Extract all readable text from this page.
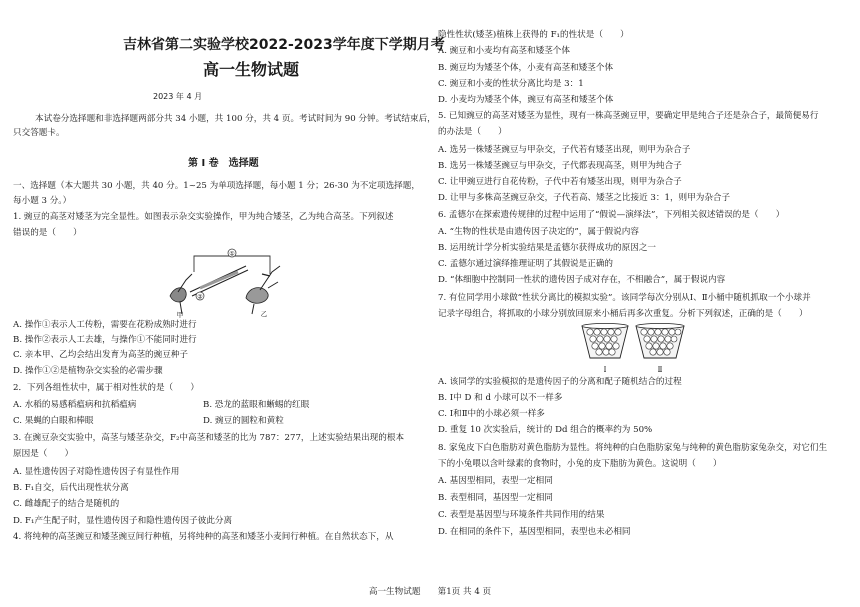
吉林省第二实验学校2022-2023学年度下学期月考
高一生物试题
2023 年 4 月
本试卷分选择题和非选择题两部分共 34 小题，共 100 分，共 4 页。考试时间为 90 分钟。考试结束后，
只交答题卡。
第 Ⅰ 卷　选择题
一、选择题（本大题共 30 小题，共 40 分。1~25 为单项选择题，每小题 1 分；26-30 为不定项选择题，
每小题 3 分。）
1. 豌豆的高茎对矮茎为完全显性。如图表示杂交实验操作，甲为纯合矮茎，乙为纯合高茎。下列叙述
错误的是（　　）
A. 操作①表示人工传粉，需要在花粉成熟时进行
B. 操作②表示人工去雄，与操作①不能同时进行
C. 亲本甲、乙均会结出发育为高茎的豌豆种子
D. 操作①②是植物杂交实验的必需步骤
2．下列各组性状中，属于相对性状的是（　　）
A. 水稻的易感稻瘟病和抗稻瘟病	B. 恐龙的蓝眼和蜥蜴的红眼
C. 果蝇的白眼和棒眼	D. 豌豆的圆粒和黄粒
3. 在豌豆杂交实验中，高茎与矮茎杂交，F₂中高茎和矮茎的比为 787：277，上述实验结果出现的根本
原因是（　　）
A. 显性遗传因子对隐性遗传因子有显性作用
B. F₁自交，后代出现性状分离
C. 雌雄配子的结合是随机的
D. F₁产生配子时，显性遗传因子和隐性遗传因子彼此分离
4. 将纯种的高茎豌豆和矮茎豌豆间行种植，另将纯种的高茎和矮茎小麦间行种植。在自然状态下，从
①
②
甲	乙
隐性性状(矮茎)植株上获得的 F₁的性状是（　　）
A. 豌豆和小麦均有高茎和矮茎个体
B. 豌豆均为矮茎个体，小麦有高茎和矮茎个体
C. 豌豆和小麦的性状分离比均是 3：1
D. 小麦均为矮茎个体，豌豆有高茎和矮茎个体
5. 已知豌豆的高茎对矮茎为显性，现有一株高茎豌豆甲，要确定甲是纯合子还是杂合子，最简便易行
的办法是（　　）
A. 选另一株矮茎豌豆与甲杂交，子代若有矮茎出现，则甲为杂合子
B. 选另一株矮茎豌豆与甲杂交，子代都表现高茎，则甲为纯合子
C. 让甲豌豆进行自花传粉，子代中若有矮茎出现，则甲为杂合子
D. 让甲与多株高茎豌豆杂交，子代若高、矮茎之比接近 3：1，则甲为杂合子
6. 孟德尔在探索遗传规律的过程中运用了“假说—演绎法”，下列相关叙述错误的是（　　）
A. “生物的性状是由遗传因子决定的”，属于假说内容
B. 运用统计学分析实验结果是孟德尔获得成功的原因之一
C. 孟德尔通过演绎推理证明了其假说是正确的
D. “体细胞中控制同一性状的遗传因子成对存在，不相融合”，属于假说内容
7. 有位同学用小球做“性状分离比的模拟实验”。该同学每次分别从Ⅰ、Ⅱ小桶中随机抓取一个小球并
记录字母组合，将抓取的小球分别放回原来小桶后再多次重复。分析下列叙述，正确的是（　　）
A. 该同学的实验模拟的是遗传因子的分离和配子随机结合的过程
B. Ⅰ中 D 和 d 小球可以不一样多
C. Ⅰ和Ⅱ中的小球必须一样多
D. 重复 10 次实验后，统计的 Dd 组合的概率约为 50%
8. 家兔皮下白色脂肪对黄色脂肪为显性。将纯种的白色脂肪家兔与纯种的黄色脂肪家兔杂交，对它们生
下的小兔喂以含叶绿素的食物时，小兔的皮下脂肪为黄色。这说明（　　）
A. 基因型相同，表型一定相同
B. 表型相同，基因型一定相同
C. 表型是基因型与环境条件共同作用的结果
D. 在相同的条件下，基因型相同，表型也未必相同
Ⅰ	Ⅱ
高一生物试题　　第1页 共 4 页
